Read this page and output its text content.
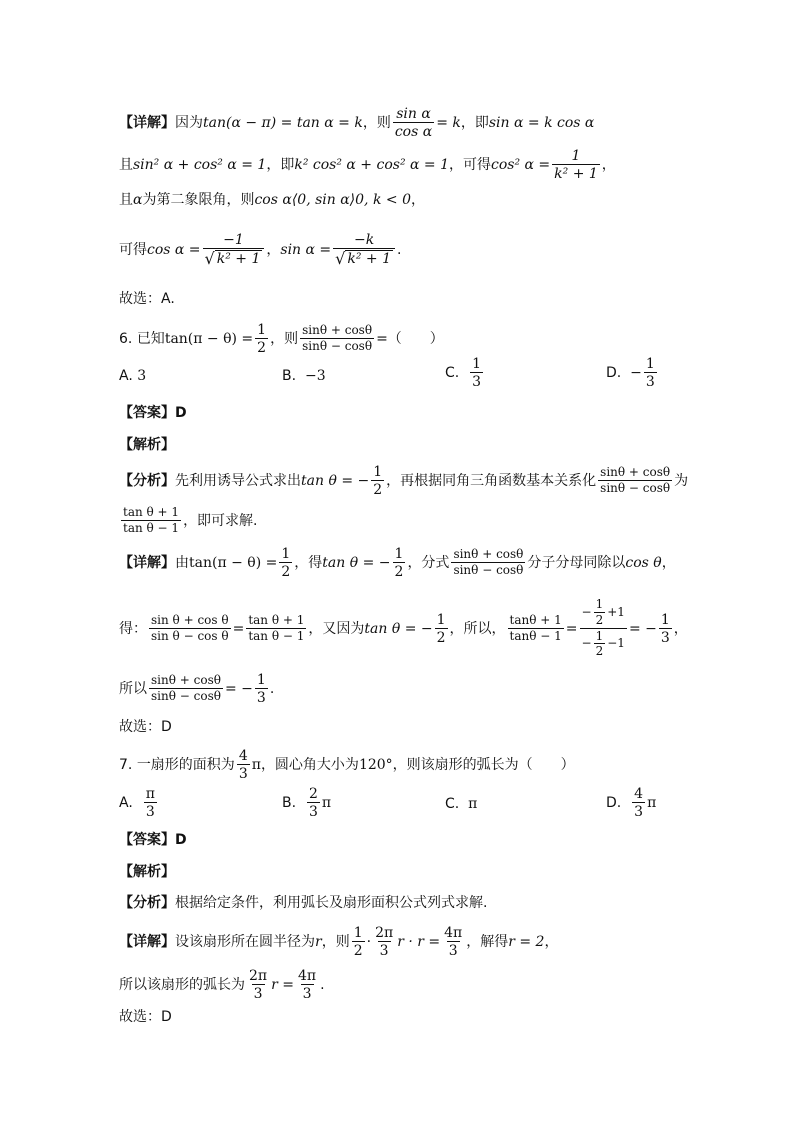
【详解】 因为 tan(α − π) = tan α = k ，则 $\frac{\text{sin α}}{\text{cos α}} = k$ ，即 sin α = k cos α
且 sin² α + cos² α = 1 ，即 k² cos² α + cos² α = 1 ，可得 cos² $\alpha = \frac{1}{\text{k² + 1}}$ ，
且 α 为第二象限角，则 cos α⟨0, sin α⟩0, k < 0 ，
可得 $\cos \alpha = \frac{-1}{\text{√ k² + 1}}$ ， $\sin \alpha = \frac{-k}{\text{√ k² + 1}}$ .
故选：A.
6.
已知 $\tan(\pi - \theta) = \frac{1}{2}$ ，则 $\frac{\sin\theta + \cos\theta}{\sin\theta - \cos\theta}$ =（　　）
A.
3	B.
−3	C.
$\frac{1}{3}$	D.
− $\frac{1}{3}$
【答案】D
【解析】
【分析】 先利用诱导公式求出 tan θ = − $\frac{1}{2}$ ，再根据同角三角函数基本关系化 $\frac{\sin\theta + \cos\theta}{\sin\theta - \cos\theta}$ 为
$\frac{\text{tan θ + 1}}{\text{tan θ − 1}}$ ，即可求解.
【详解】 由 $\tan(\pi - \theta) = \frac{1}{2}$ ，得 tan θ = − $\frac{1}{2}$ ，分式 $\frac{\sin\theta + \cos\theta}{\sin\theta - \cos\theta}$ 分子分母同除以 cos θ ，
得： $\frac{\text{sin θ + cos θ}}{\text{sin θ − cos θ}} = \frac{\text{tan θ + 1}}{\text{tan θ − 1}}$ ，又因为 tan θ = − $\frac{1}{2}$ ，所以， $\frac{\tan\theta + 1}{\tan\theta - 1} = \frac{- \frac{1}{2} +1}{- \frac{1}{2} -1}$ = − $\frac{1}{3}$ ，
所以 $\frac{\sin\theta + \cos\theta}{\sin\theta - \cos\theta}$ = − $\frac{1}{3}$ .
故选：D
7.
一扇形的面积为 $\frac{4}{3}$ π ，圆心角大小为 120° ，则该扇形的弧长为（　　）
A.
$\frac{\pi}{3}$	B.
$\frac{2}{3}$ π	C.
π	D.
$\frac{4}{3}$ π
【答案】D
【解析】
【分析】 根据给定条件，利用弧长及扇形面积公式列式求解.
【详解】 设该扇形所在圆半径为 r ，则 $\frac{1}{2} \cdot \frac{2\pi}{3}$ $r \cdot r = \frac{4\pi}{3}$ ，解得 r = 2 ，
所以该扇形的弧长为 $\frac{2\pi}{3}$ $r = \frac{4\pi}{3}$ .
故选：D
